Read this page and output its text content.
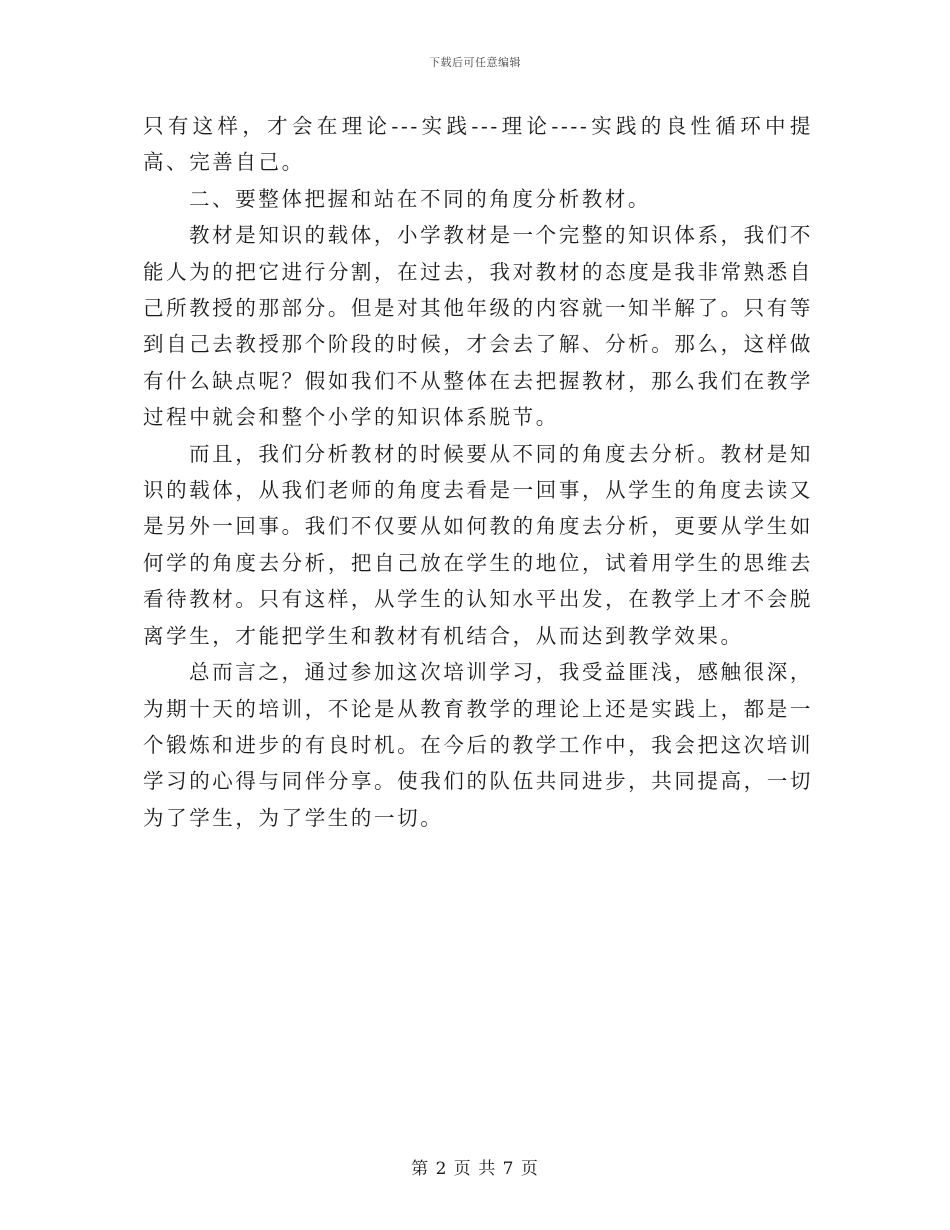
下载后可任意编辑

只有这样，才会在理论---实践---理论----实践的良性循环中提高、完善自己。

二、要整体把握和站在不同的角度分析教材。

教材是知识的载体，小学教材是一个完整的知识体系，我们不能人为的把它进行分割，在过去，我对教材的态度是我非常熟悉自己所教授的那部分。但是对其他年级的内容就一知半解了。只有等到自己去教授那个阶段的时候，才会去了解、分析。那么，这样做有什么缺点呢？假如我们不从整体在去把握教材，那么我们在教学过程中就会和整个小学的知识体系脱节。

而且，我们分析教材的时候要从不同的角度去分析。教材是知识的载体，从我们老师的角度去看是一回事，从学生的角度去读又是另外一回事。我们不仅要从如何教的角度去分析，更要从学生如何学的角度去分析，把自己放在学生的地位，试着用学生的思维去看待教材。只有这样，从学生的认知水平出发，在教学上才不会脱离学生，才能把学生和教材有机结合，从而达到教学效果。

总而言之，通过参加这次培训学习，我受益匪浅，感触很深，为期十天的培训，不论是从教育教学的理论上还是实践上，都是一个锻炼和进步的有良时机。在今后的教学工作中，我会把这次培训学习的心得与同伴分享。使我们的队伍共同进步，共同提高，一切为了学生，为了学生的一切。

第 2 页 共 7 页
